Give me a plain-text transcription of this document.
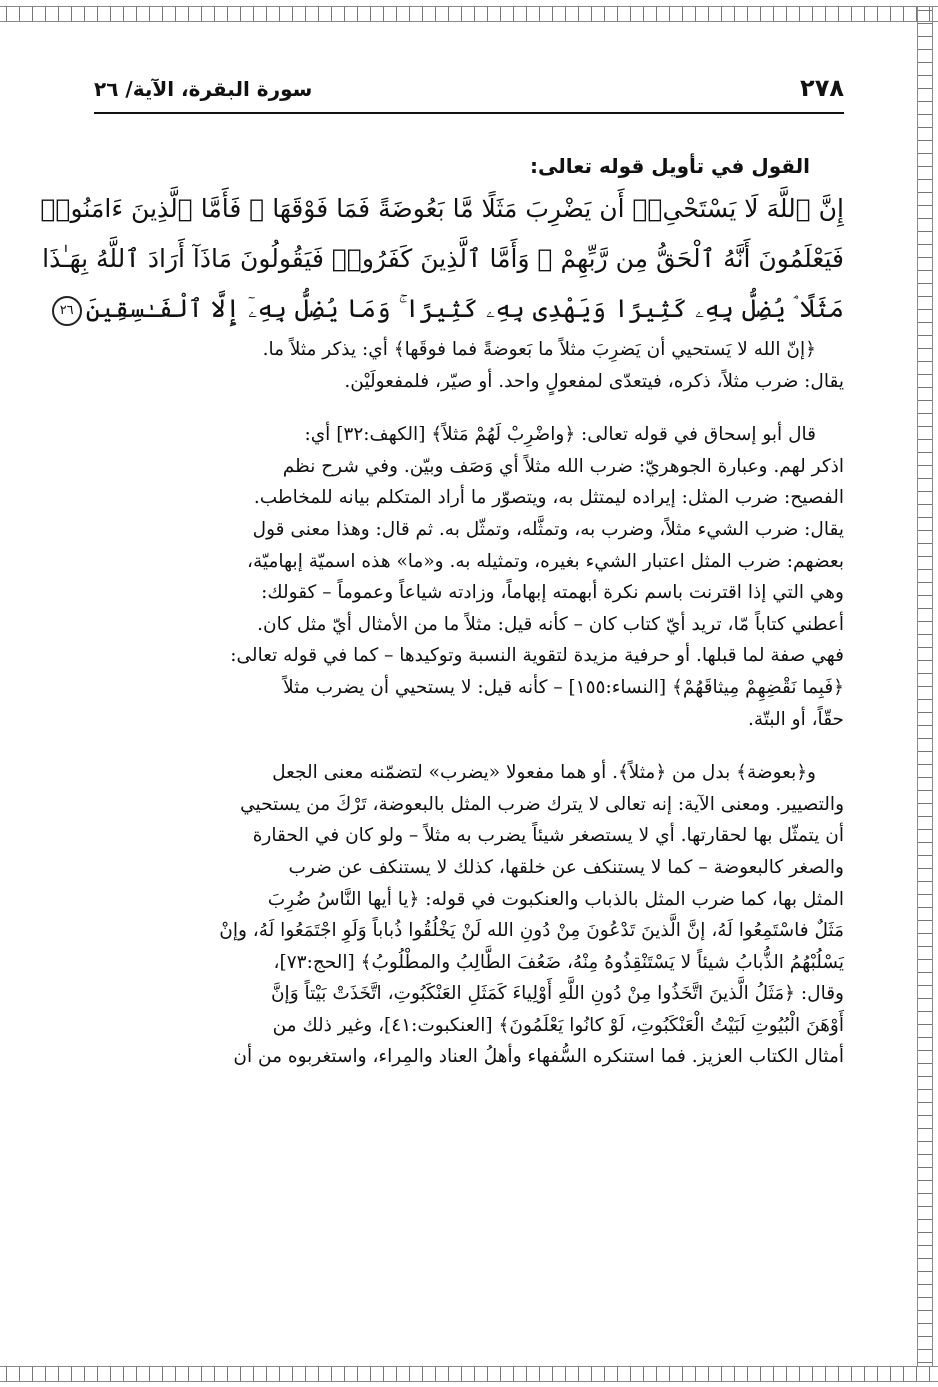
٢٧٨
سورة البقرة، الآية/ ٢٦
القول في تأويل قوله تعالى:
إِنَّ ٱللَّهَ لَا يَسْتَحْىِۦٓ أَن يَضْرِبَ مَثَلًا مَّا بَعُوضَةً فَمَا فَوْقَهَا ۚ فَأَمَّا ٱلَّذِينَ ءَامَنُوا۟
فَيَعْلَمُونَ أَنَّهُ ٱلْحَقُّ مِن رَّبِّهِمْ ۖ وَأَمَّا ٱلَّذِينَ كَفَرُوا۟ فَيَقُولُونَ مَاذَآ أَرَادَ ٱللَّهُ بِهَـٰذَا
مَثَلًا ۘ يُضِلُّ بِهِۦ كَثِيرًا وَيَهْدِى بِهِۦ كَثِيرًا ۚ وَمَا يُضِلُّ بِهِۦٓ إِلَّا ٱلْفَـٰسِقِينَ٢٦
﴿إنّ الله لا يَستحيي أن يَضرِبَ مثلاً ما بَعوضةً فما فوقَها﴾ أي: يذكر مثلاً ما.
يقال: ضرب مثلاً، ذكره، فيتعدّى لمفعولٍ واحد. أو صيّر، فلمفعولَيْن.
قال أبو إسحاق في قوله تعالى: ﴿واضْرِبْ لَهُمْ مَثلاً﴾ [الكهف:٣٢] أي:
اذكر لهم. وعبارة الجوهريّ: ضرب الله مثلاً أي وَصَف وبيّن. وفي شرح نظم
الفصيح: ضرب المثل: إيراده ليمتثل به، ويتصوّر ما أراد المتكلم بيانه للمخاطب.
يقال: ضرب الشيء مثلاً، وضرب به، وتمثَّله، وتمثّل به. ثم قال: وهذا معنى قول
بعضهم: ضرب المثل اعتبار الشيء بغيره، وتمثيله به. و«ما» هذه اسميّة إبهاميّة،
وهي التي إذا اقترنت باسم نكرة أبهمته إبهاماً، وزادته شياعاً وعموماً – كقولك:
أعطني كتاباً مّا، تريد أيّ كتاب كان – كأنه قيل: مثلاً ما من الأمثال أيّ مثل كان.
فهي صفة لما قبلها. أو حرفية مزيدة لتقوية النسبة وتوكيدها – كما في قوله تعالى:
﴿فَبِما نَقْضِهِمْ مِيثاقَهُمْ﴾ [النساء:١٥٥] – كأنه قيل: لا يستحيي أن يضرب مثلاً
حقّاً، أو البتّة.
و﴿بعوضة﴾ بدل من ﴿مثلاً﴾. أو هما مفعولا «يضرب» لتضمّنه معنى الجعل
والتصيير. ومعنى الآية: إنه تعالى لا يترك ضرب المثل بالبعوضة، تَرْكَ من يستحيي
أن يتمثّل بها لحقارتها. أي لا يستصغر شيئاً يضرب به مثلاً – ولو كان في الحقارة
والصغر كالبعوضة – كما لا يستنكف عن خلقها، كذلك لا يستنكف عن ضرب
المثل بها، كما ضرب المثل بالذباب والعنكبوت في قوله: ﴿يا أيها النَّاسُ ضُرِبَ
مَثَلٌ فاسْتَمِعُوا لَهُ، إنَّ الَّذينَ تَدْعُونَ مِنْ دُونِ الله لَنْ يَخْلُقُوا ذُباباً وَلَوِ اجْتَمَعُوا لَهُ، وإنْ
يَسْلُبْهُمُ الذُّبابُ شيئاً لا يَسْتَنْقِذُوهُ مِنْهُ، ضَعُفَ الطَّالِبُ والمطْلُوبُ﴾ [الحج:٧٣]،
وقال: ﴿مَثَلُ الَّذينَ اتَّخَذُوا مِنْ دُونِ اللَّهِ أَوْلِياءَ كَمَثَلِ العَنْكَبُوتِ، اتَّخَذَتْ بَيْتاً وَإنَّ
أَوْهَنَ الْبُيُوتِ لَبَيْتُ الْعَنْكَبُوتِ، لَوْ كانُوا يَعْلَمُونَ﴾ [العنكبوت:٤١]، وغير ذلك من
أمثال الكتاب العزيز. فما استنكره السُّفهاء وأهلُ العناد والمِراء، واستغربوه من أن
